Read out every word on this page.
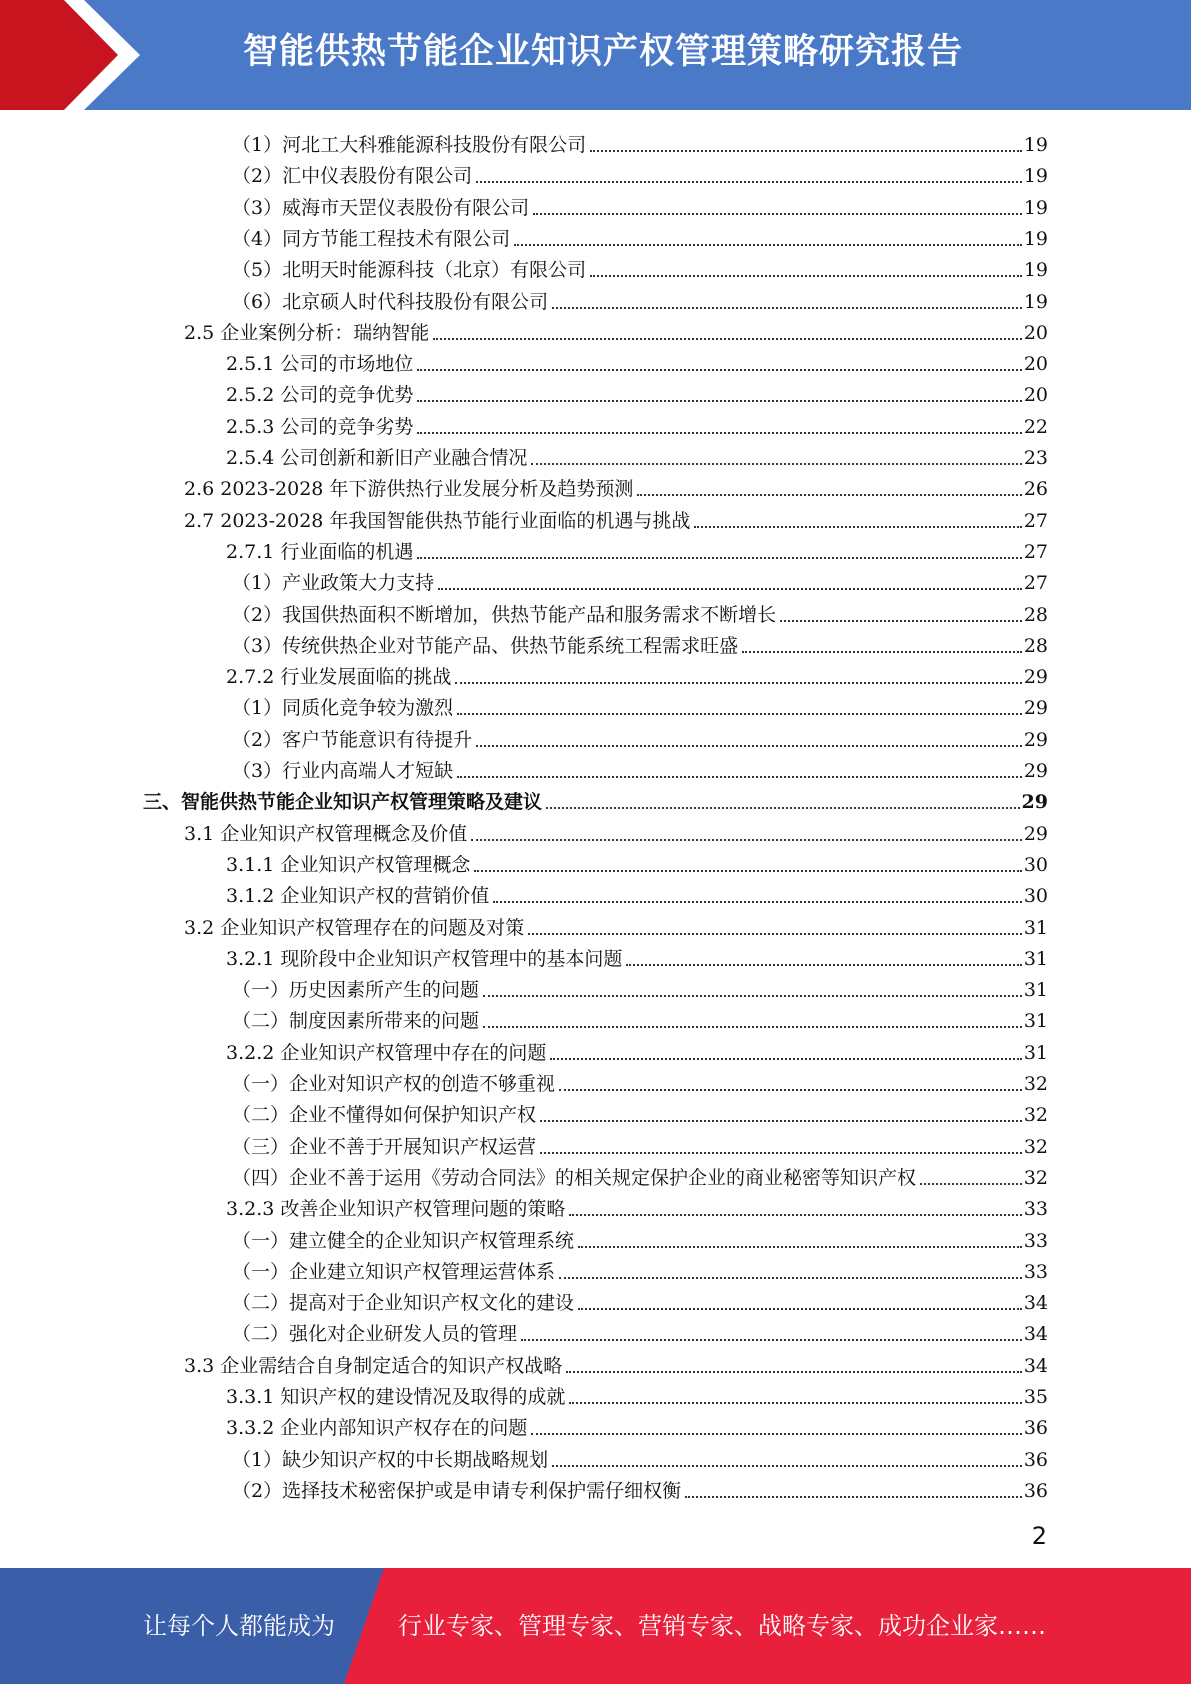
智能供热节能企业知识产权管理策略研究报告
（1）河北工大科雅能源科技股份有限公司	19
（2）汇中仪表股份有限公司	19
（3）威海市天罡仪表股份有限公司	19
（4）同方节能工程技术有限公司	19
（5）北明天时能源科技（北京）有限公司	19
（6）北京硕人时代科技股份有限公司	19
2.5 企业案例分析：瑞纳智能	20
2.5.1 公司的市场地位	20
2.5.2 公司的竞争优势	20
2.5.3 公司的竞争劣势	22
2.5.4 公司创新和新旧产业融合情况	23
2.6 2023-2028 年下游供热行业发展分析及趋势预测	26
2.7 2023-2028 年我国智能供热节能行业面临的机遇与挑战	27
2.7.1 行业面临的机遇	27
（1）产业政策大力支持	27
（2）我国供热面积不断增加，供热节能产品和服务需求不断增长	28
（3）传统供热企业对节能产品、供热节能系统工程需求旺盛	28
2.7.2 行业发展面临的挑战	29
（1）同质化竞争较为激烈	29
（2）客户节能意识有待提升	29
（3）行业内高端人才短缺	29
三、智能供热节能企业知识产权管理策略及建议	29
3.1 企业知识产权管理概念及价值	29
3.1.1 企业知识产权管理概念	30
3.1.2 企业知识产权的营销价值	30
3.2 企业知识产权管理存在的问题及对策	31
3.2.1 现阶段中企业知识产权管理中的基本问题	31
（一）历史因素所产生的问题	31
（二）制度因素所带来的问题	31
3.2.2 企业知识产权管理中存在的问题	31
（一）企业对知识产权的创造不够重视	32
（二）企业不懂得如何保护知识产权	32
（三）企业不善于开展知识产权运营	32
（四）企业不善于运用《劳动合同法》的相关规定保护企业的商业秘密等知识产权	32
3.2.3 改善企业知识产权管理问题的策略	33
（一）建立健全的企业知识产权管理系统	33
（一）企业建立知识产权管理运营体系	33
（二）提高对于企业知识产权文化的建设	34
（二）强化对企业研发人员的管理	34
3.3 企业需结合自身制定适合的知识产权战略	34
3.3.1 知识产权的建设情况及取得的成就	35
3.3.2 企业内部知识产权存在的问题	36
（1）缺少知识产权的中长期战略规划	36
（2）选择技术秘密保护或是申请专利保护需仔细权衡	36
2
让每个人都能成为	行业专家、管理专家、营销专家、战略专家、成功企业家……
